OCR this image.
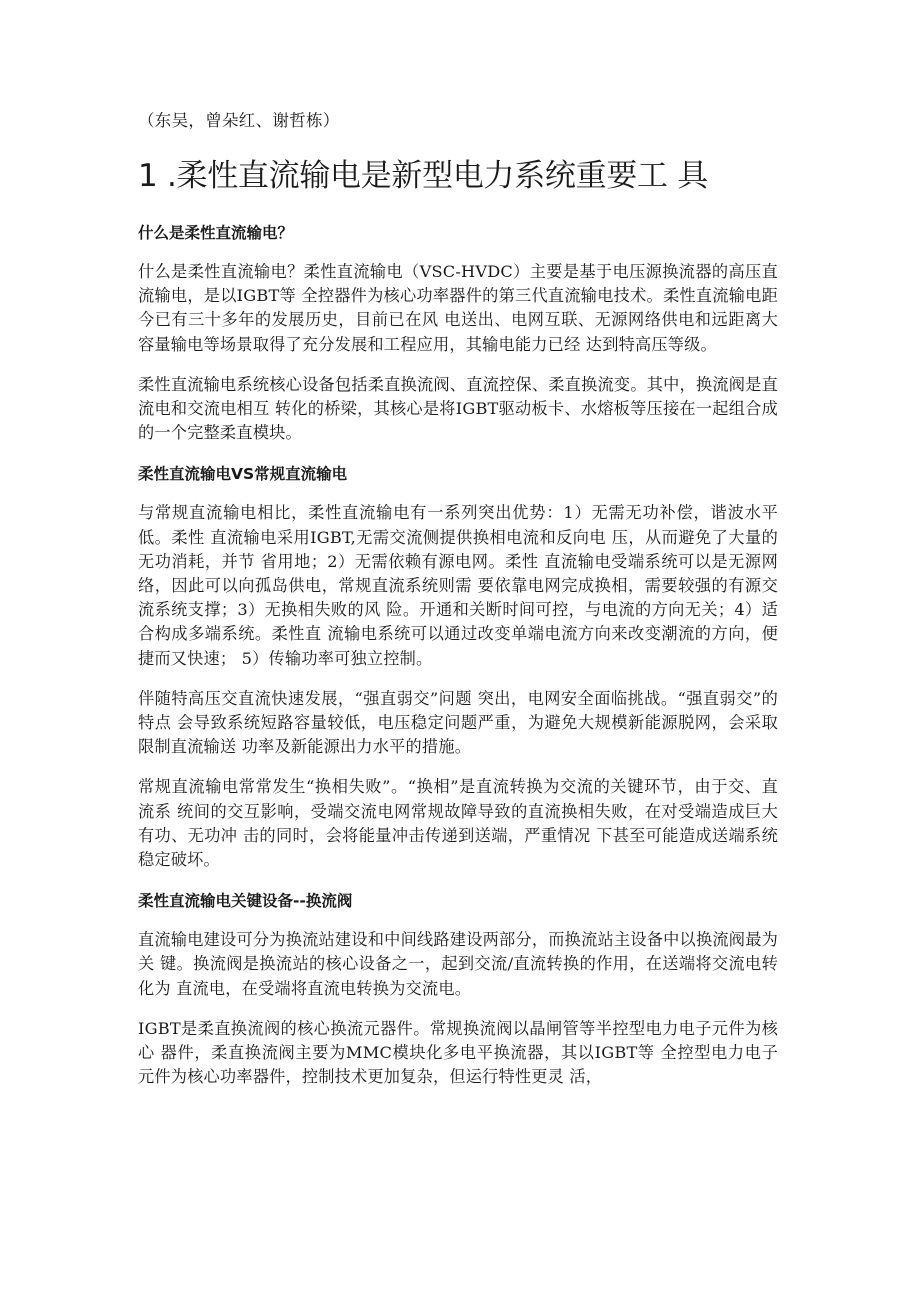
（东吴，曾朵红、谢哲栋）
1 .柔性直流输电是新型电力系统重要工 具
什么是柔性直流输电？

什么是柔性直流输电？柔性直流输电（VSC-HVDC）主要是基于电压源换流器的高压直流输电，是以IGBT等 全控器件为核心功率器件的第三代直流输电技术。柔性直流输电距今已有三十多年的发展历史，目前已在风 电送出、电网互联、无源网络供电和远距离大容量输电等场景取得了充分发展和工程应用，其输电能力已经 达到特高压等级。

柔性直流输电系统核心设备包括柔直换流阀、直流控保、柔直换流变。其中，换流阀是直流电和交流电相互 转化的桥梁，其核心是将IGBT驱动板卡、水熔板等压接在一起组合成的一个完整柔直模块。

柔性直流输电VS常规直流输电

与常规直流输电相比，柔性直流输电有一系列突出优势：1）无需无功补偿，谐波水平低。柔性 直流输电采用IGBT,无需交流侧提供换相电流和反向电 压，从而避免了大量的无功消耗，并节 省用地；2）无需依赖有源电网。柔性 直流输电受端系统可以是无源网络，因此可以向孤岛供电，常规直流系统则需 要依靠电网完成换相，需要较强的有源交流系统支撑；3）无换相失败的风 险。开通和关断时间可控，与电流的方向无关；4）适合构成多端系统。柔性直 流输电系统可以通过改变单端电流方向来改变潮流的方向，便捷而又快速； 5）传输功率可独立控制。

伴随特高压交直流快速发展，“强直弱交”问题 突出，电网安全面临挑战。“强直弱交”的特点 会导致系统短路容量较低，电压稳定问题严重，为避免大规模新能源脱网，会采取限制直流输送 功率及新能源出力水平的措施。

常规直流输电常常发生“换相失败”。“换相”是直流转换为交流的关键环节，由于交、直流系 统间的交互影响，受端交流电网常规故障导致的直流换相失败，在对受端造成巨大有功、无功冲 击的同时，会将能量冲击传递到送端，严重情况 下甚至可能造成送端系统稳定破坏。

柔性直流输电关键设备--换流阀

直流输电建设可分为换流站建设和中间线路建设两部分，而换流站主设备中以换流阀最为关 键。换流阀是换流站的核心设备之一，起到交流/直流转换的作用，在送端将交流电转化为 直流电，在受端将直流电转换为交流电。

IGBT是柔直换流阀的核心换流元器件。常规换流阀以晶闸管等半控型电力电子元件为核心 器件，柔直换流阀主要为MMC模块化多电平换流器，其以IGBT等 全控型电力电子元件为核心功率器件，控制技术更加复杂，但运行特性更灵 活，
